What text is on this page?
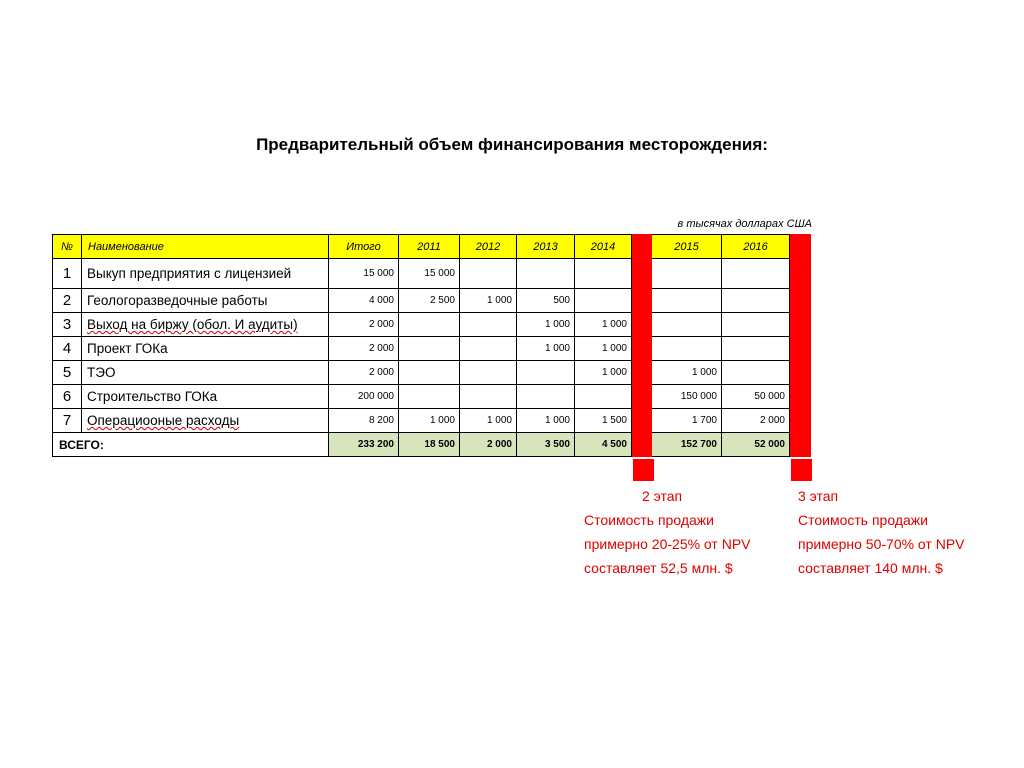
Предварительный объем финансирования месторождения:
в тысячах долларах США
№	Наименование	Итого	2011	2012	2013	2014		2015	2016	
1	Выкуп предприятия с лицензией	15 000	15 000							
2	Геологоразведочные работы	4 000	2 500	1 000	500					
3	Выход на биржу (обол. И аудиты)	2 000			1 000	1 000				
4	Проект ГОКа	2 000			1 000	1 000				
5	ТЭО	2 000				1 000		1 000		
6	Строительство ГОКа	200 000						150 000	50 000	
7	Операциооные расходы	8 200	1 000	1 000	1 000	1 500		1 700	2 000	
ВСЕГО:		233 200	18 500	2 000	3 500	4 500		152 700	52 000	
2 этап
Стоимость продажи
примерно 20-25% от NPV
составляет 52,5 млн. $
3 этап
Стоимость продажи
примерно 50-70% от NPV
составляет 140 млн. $
